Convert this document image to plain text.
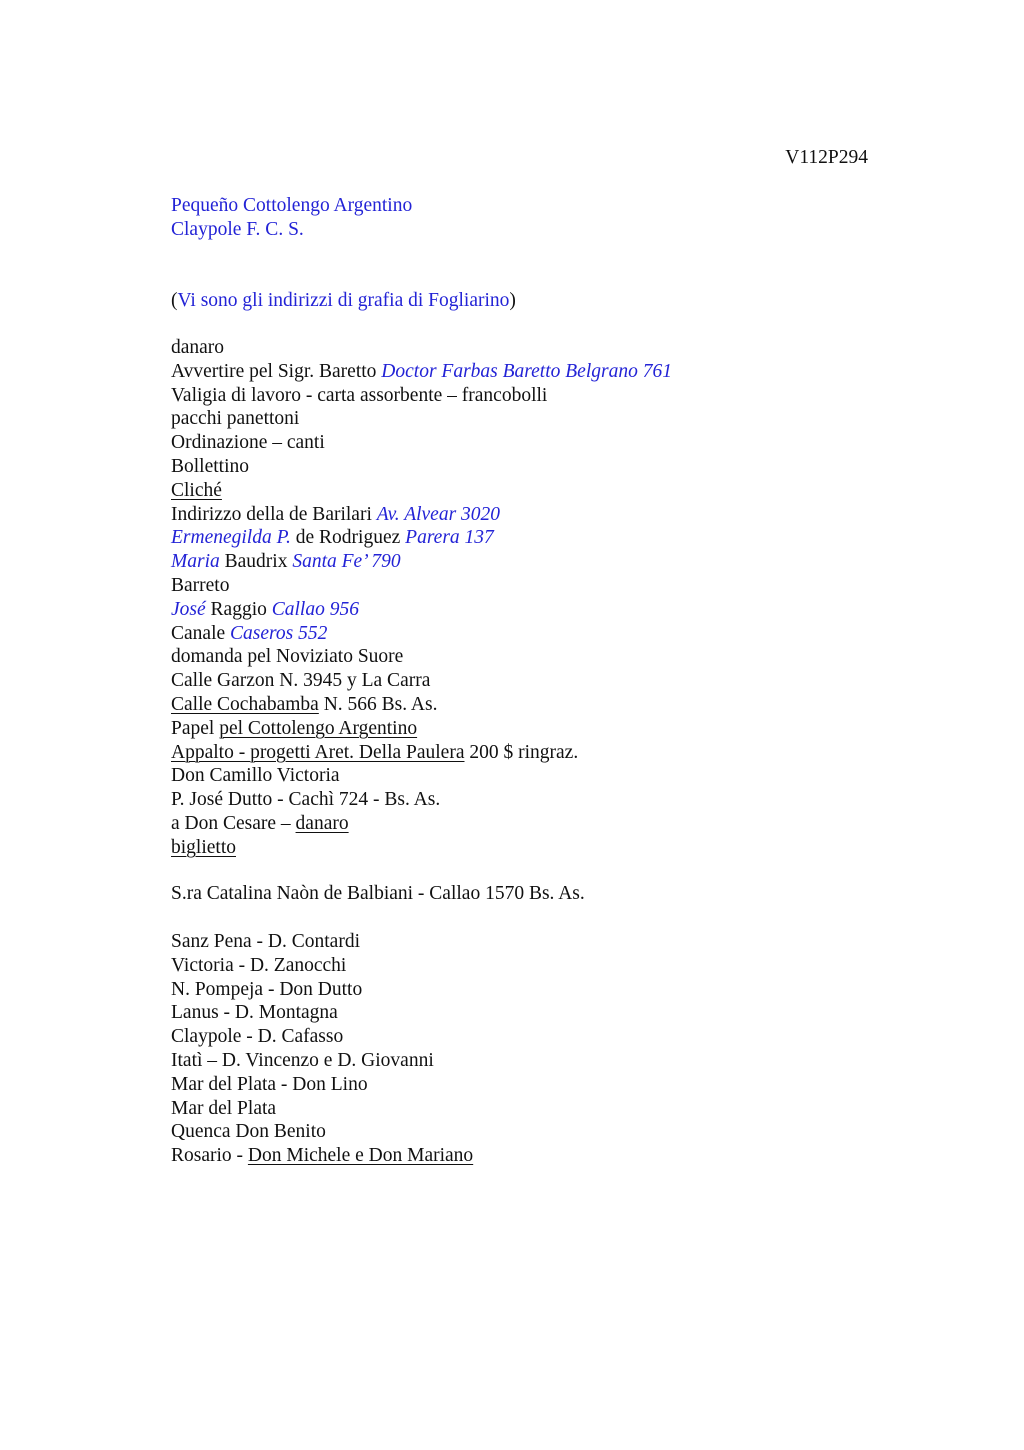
V112P294
Pequeño Cottolengo Argentino
Claypole F. C. S.
(Vi sono gli indirizzi di grafia di Fogliarino)
danaro
Avvertire pel Sigr. Baretto Doctor Farbas Baretto Belgrano 761
Valigia di lavoro - carta assorbente – francobolli
pacchi panettoni
Ordinazione – canti
Bollettino
Cliché
Indirizzo della de Barilari Av. Alvear 3020
Ermenegilda P. de Rodriguez Parera 137
Maria Baudrix Santa Fe’ 790
Barreto
José Raggio Callao 956
Canale Caseros 552
domanda pel Noviziato Suore
Calle Garzon N. 3945 y La Carra
Calle Cochabamba N. 566 Bs. As.
Papel pel Cottolengo Argentino
Appalto - progetti Aret. Della Paulera 200 $ ringraz.
Don Camillo Victoria
P. José Dutto - Cachì 724 - Bs. As.
a Don Cesare – danaro
biglietto
S.ra Catalina Naòn de Balbiani - Callao 1570 Bs. As.
Sanz Pena - D. Contardi
Victoria - D. Zanocchi
N. Pompeja - Don Dutto
Lanus - D. Montagna
Claypole - D. Cafasso
Itatì – D. Vincenzo e D. Giovanni
Mar del Plata - Don Lino
Mar del Plata
Quenca Don Benito
Rosario - Don Michele e Don Mariano
